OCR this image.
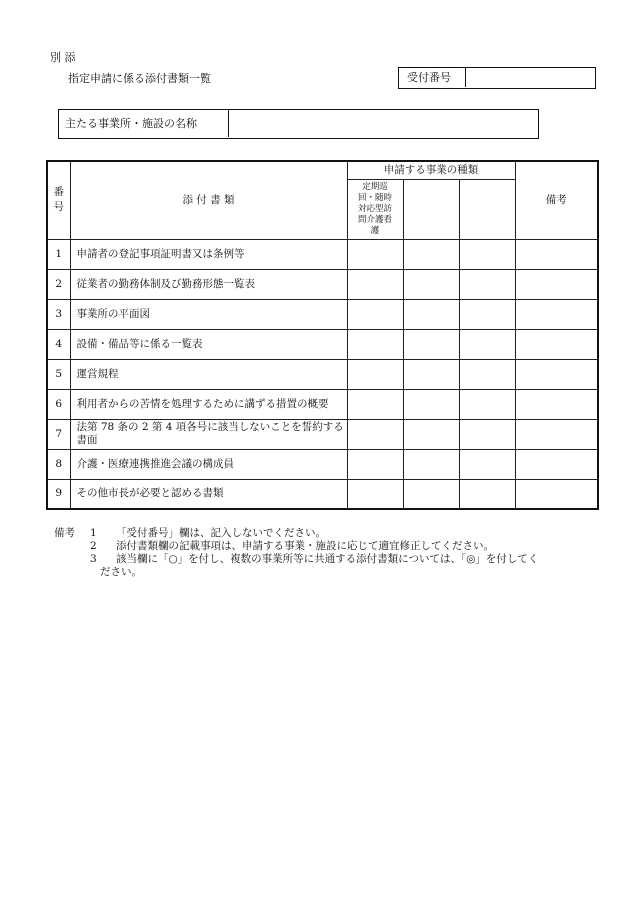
別 添
指定申請に係る添付書類一覧	受付番号
主たる事業所・施設の名称
番号	添 付 書 類	申請する事業の種類			備考
		定期巡回・随時対応型訪問介護看護			
1	申請者の登記事項証明書又は条例等				
2	従業者の勤務体制及び勤務形態一覧表				
3	事業所の平面図				
4	設備・備品等に係る一覧表				
5	運営規程				
6	利用者からの苦情を処理するために講ずる措置の概要				
7	法第 78 条の 2 第 4 項各号に該当しないことを誓約する書面				
8	介護・医療連携推進会議の構成員				
9	その他市長が必要と認める書類				
備考	1	「受付番号」欄は、記入しないでください。
2	添付書類欄の記載事項は、申請する事業・施設に応じて適宜修正してください。
3	該当欄に「○」を付し、複数の事業所等に共通する添付書類については、「◎」を付してく
ださい。
